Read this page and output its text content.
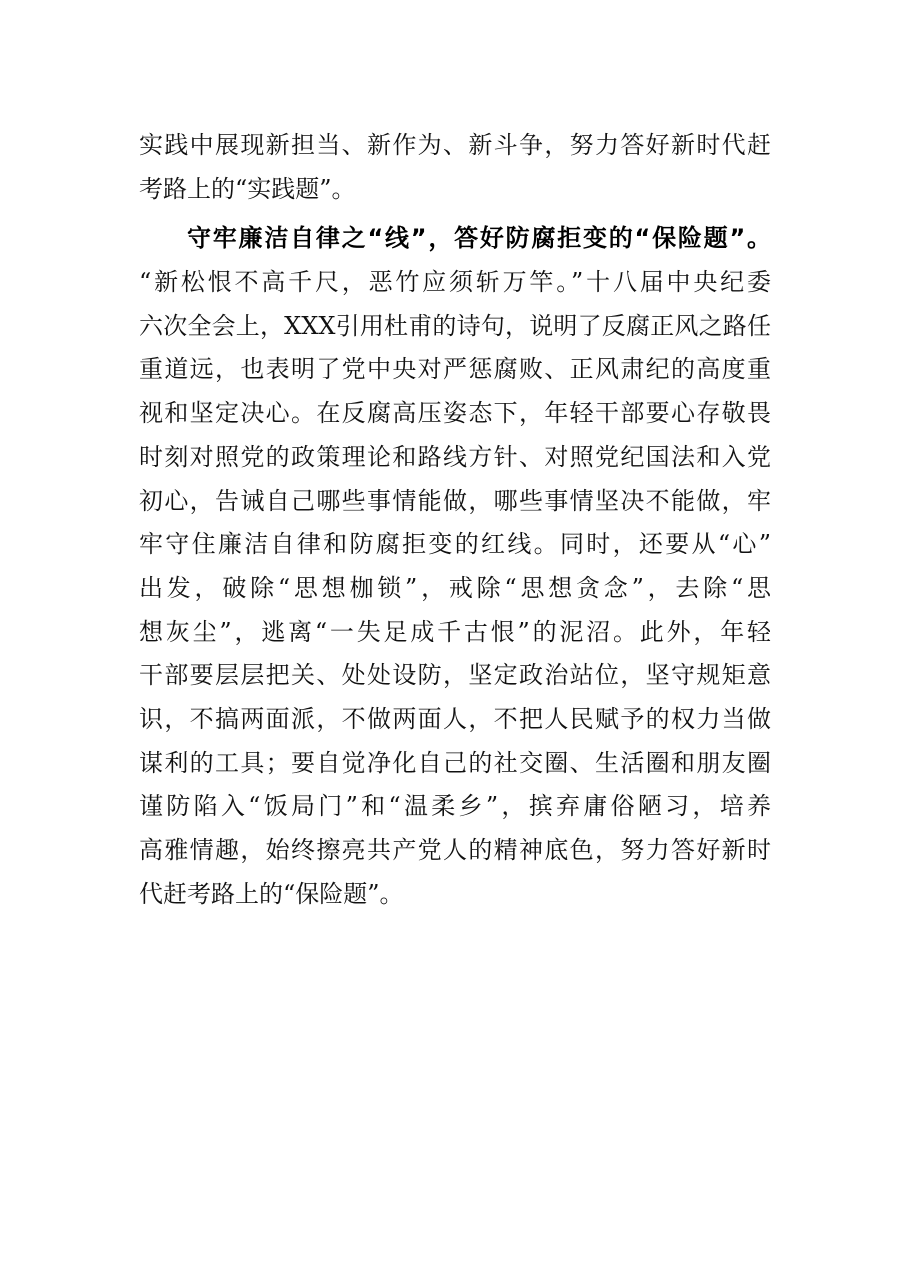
实践中展现新担当、新作为、新斗争，努力答好新时代赶
考路上的“实践题”。
守牢廉洁自律之“线”，答好防腐拒变的“保险题”。
“新松恨不高千尺，恶竹应须斩万竿。”十八届中央纪委
六次全会上，XXX引用杜甫的诗句，说明了反腐正风之路任
重道远，也表明了党中央对严惩腐败、正风肃纪的高度重
视和坚定决心。在反腐高压姿态下，年轻干部要心存敬畏
时刻对照党的政策理论和路线方针、对照党纪国法和入党
初心，告诫自己哪些事情能做，哪些事情坚决不能做，牢
牢守住廉洁自律和防腐拒变的红线。同时，还要从“心”
出发，破除“思想枷锁”，戒除“思想贪念”，去除“思
想灰尘”，逃离“一失足成千古恨”的泥沼。此外，年轻
干部要层层把关、处处设防，坚定政治站位，坚守规矩意
识，不搞两面派，不做两面人，不把人民赋予的权力当做
谋利的工具；要自觉净化自己的社交圈、生活圈和朋友圈
谨防陷入“饭局门”和“温柔乡”，摈弃庸俗陋习，培养
高雅情趣，始终擦亮共产党人的精神底色，努力答好新时
代赶考路上的“保险题”。
